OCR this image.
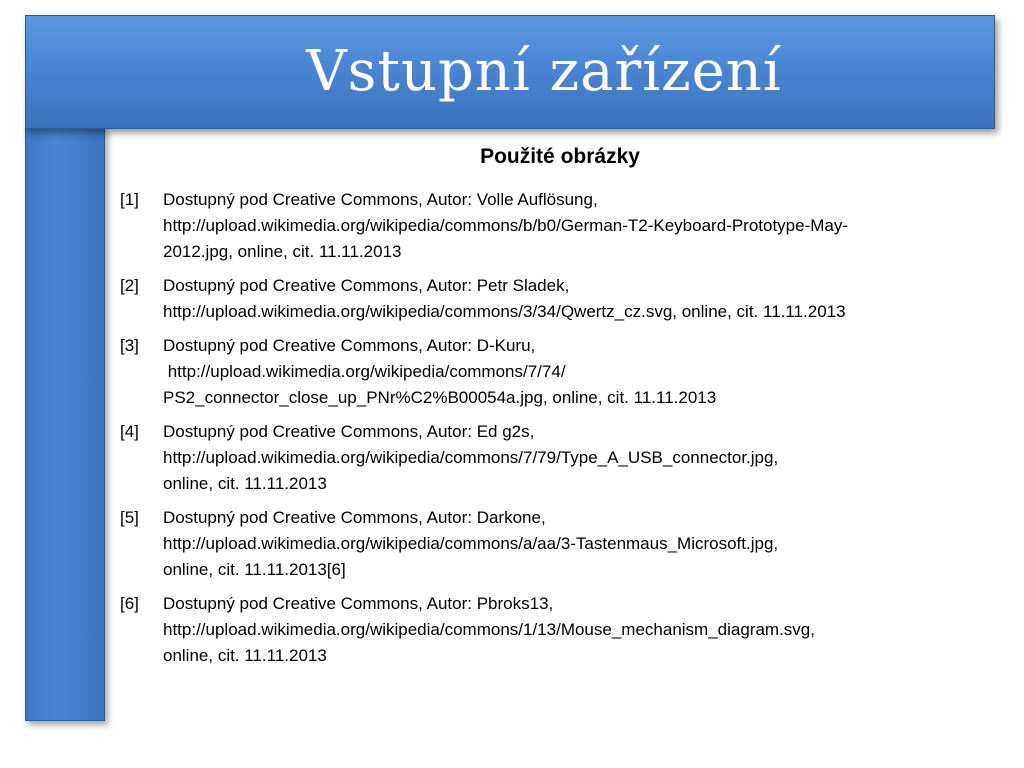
Vstupní zařízení
Použité obrázky
[1]	Dostupný pod Creative Commons, Autor: Volle Auflösung,
http://upload.wikimedia.org/wikipedia/commons/b/b0/German-T2-Keyboard-Prototype-May-
2012.jpg, online, cit. 11.11.2013
[2]	Dostupný pod Creative Commons, Autor: Petr Sladek,
http://upload.wikimedia.org/wikipedia/commons/3/34/Qwertz_cz.svg, online, cit. 11.11.2013
[3]	Dostupný pod Creative Commons, Autor: D-Kuru,
http://upload.wikimedia.org/wikipedia/commons/7/74/
PS2_connector_close_up_PNr%C2%B00054a.jpg, online, cit. 11.11.2013
[4]	Dostupný pod Creative Commons, Autor: Ed g2s,
http://upload.wikimedia.org/wikipedia/commons/7/79/Type_A_USB_connector.jpg,
online, cit. 11.11.2013
[5]	Dostupný pod Creative Commons, Autor: Darkone,
http://upload.wikimedia.org/wikipedia/commons/a/aa/3-Tastenmaus_Microsoft.jpg,
online, cit. 11.11.2013[6]
[6]	Dostupný pod Creative Commons, Autor: Pbroks13,
http://upload.wikimedia.org/wikipedia/commons/1/13/Mouse_mechanism_diagram.svg,
online, cit. 11.11.2013
